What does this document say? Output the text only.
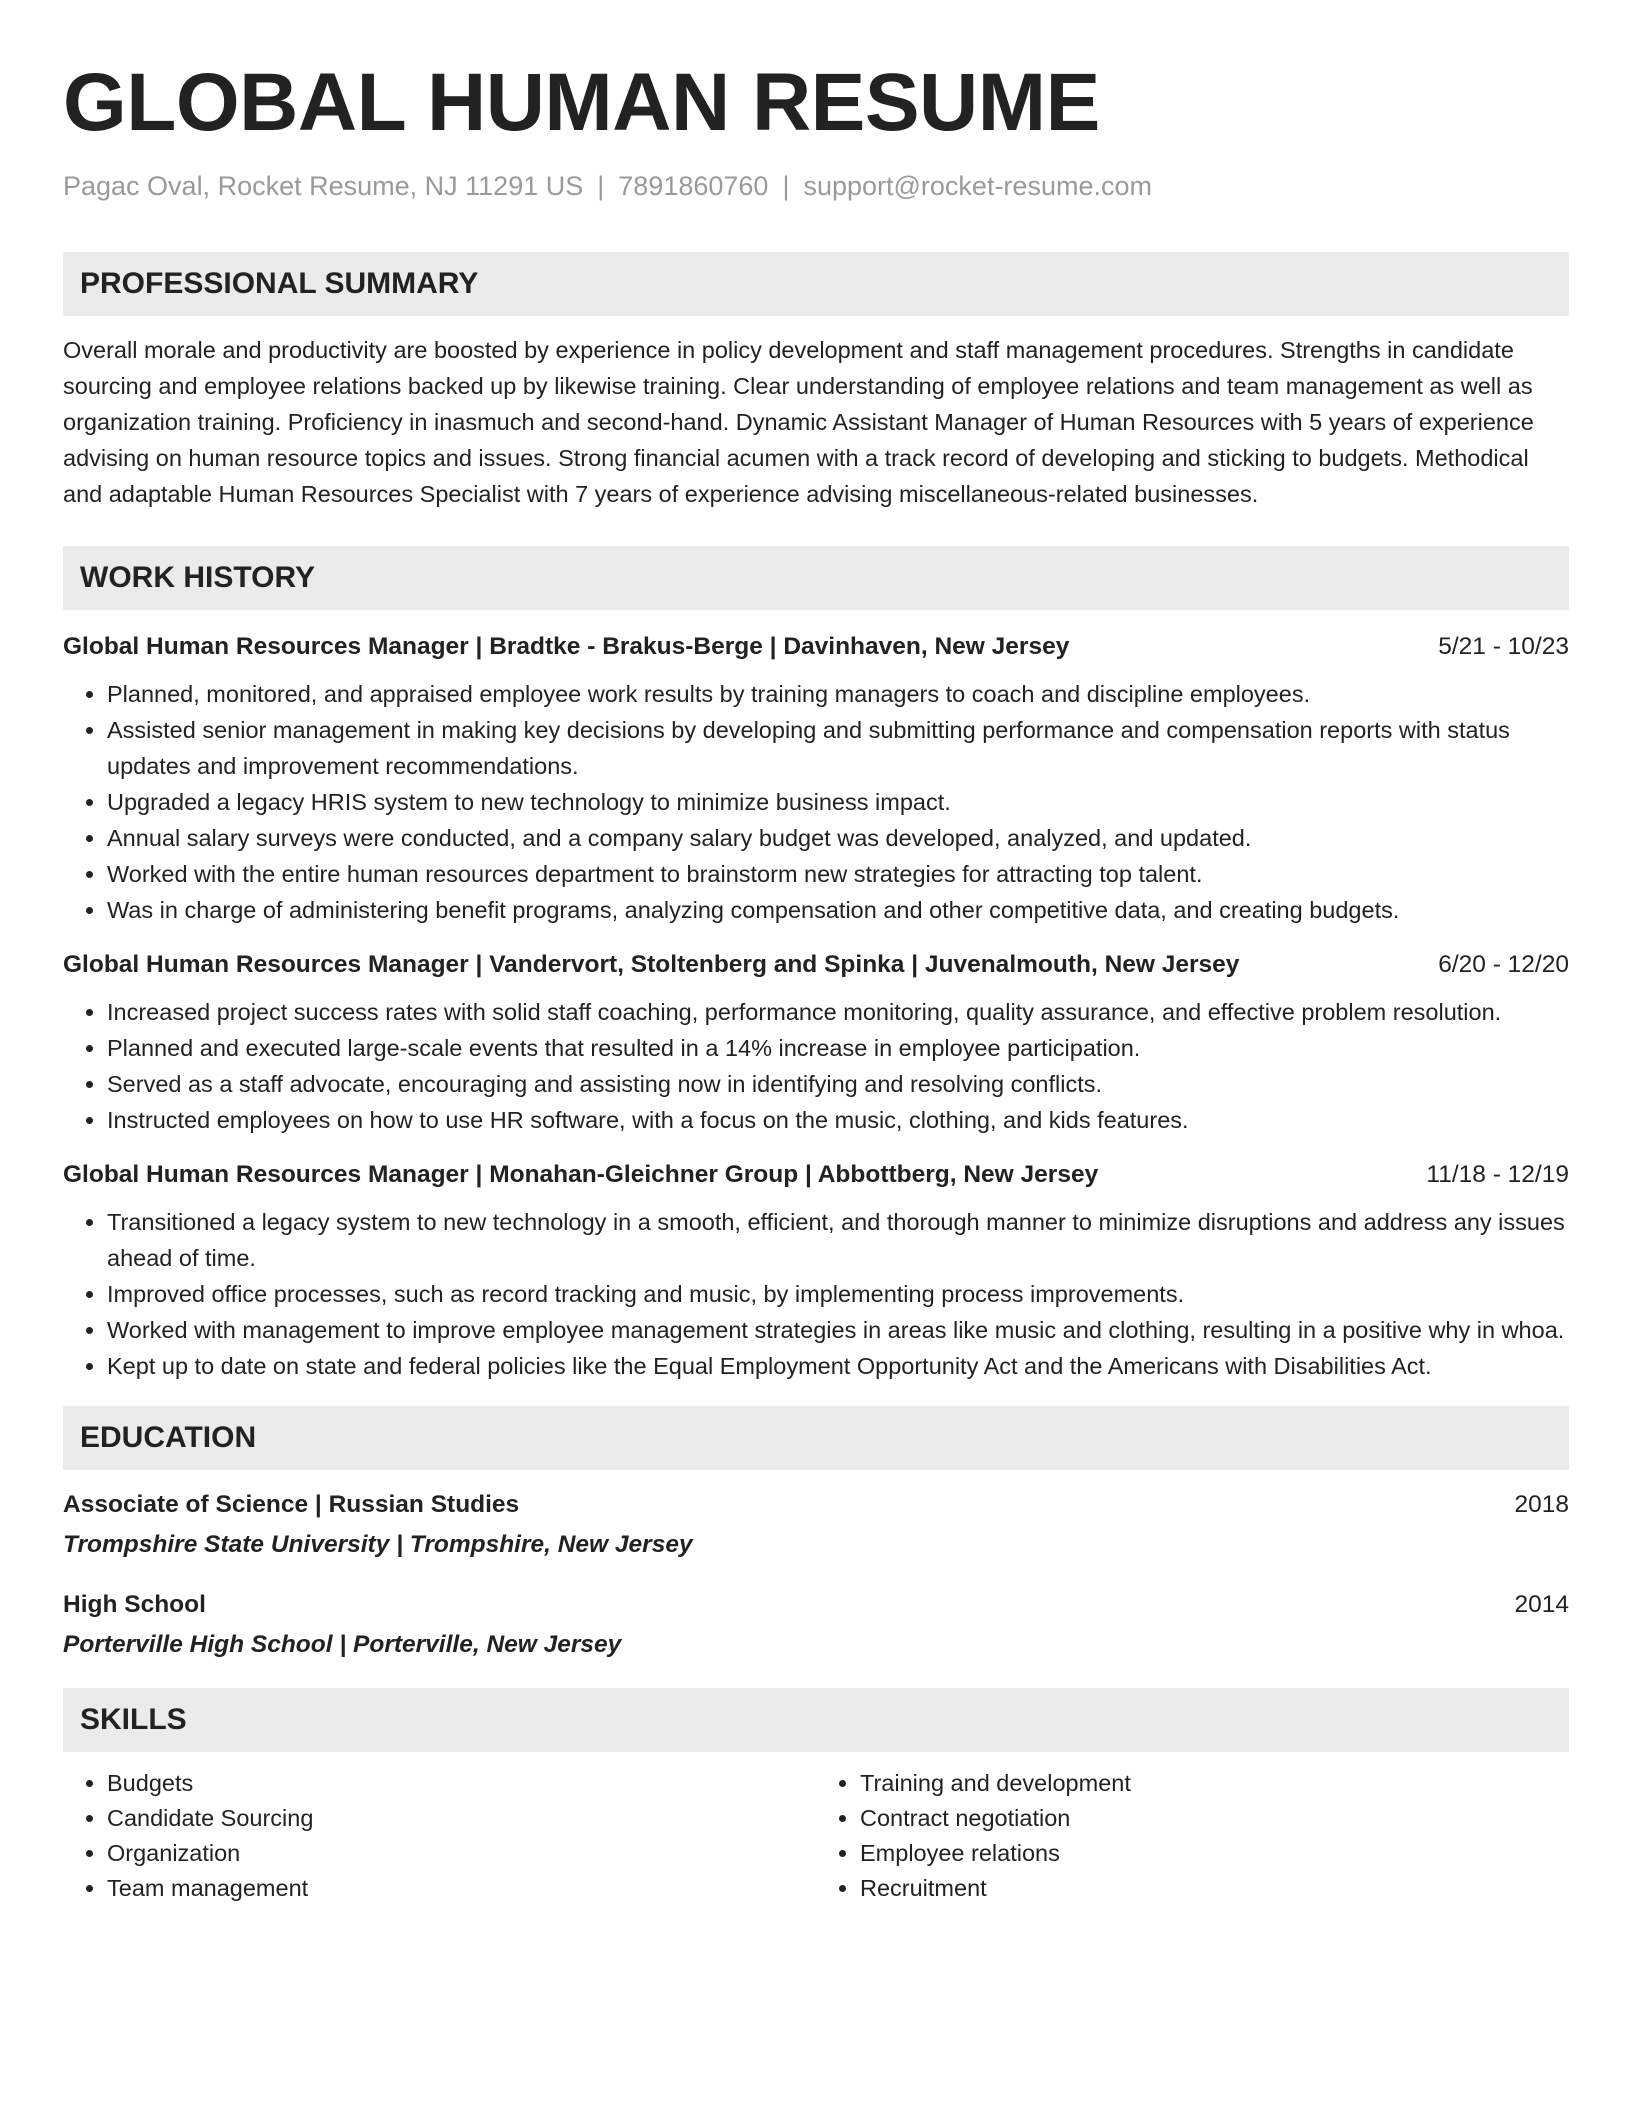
GLOBAL HUMAN RESUME
Pagac Oval, Rocket Resume, NJ 11291 US | 7891860760 | support@rocket-resume.com
PROFESSIONAL SUMMARY

Overall morale and productivity are boosted by experience in policy development and staff management procedures. Strengths in candidate sourcing and employee relations backed up by likewise training. Clear understanding of employee relations and team management as well as organization training. Proficiency in inasmuch and second-hand. Dynamic Assistant Manager of Human Resources with 5 years of experience advising on human resource topics and issues. Strong financial acumen with a track record of developing and sticking to budgets. Methodical and adaptable Human Resources Specialist with 7 years of experience advising miscellaneous-related businesses.

WORK HISTORY
Global Human Resources Manager | Bradtke - Brakus-Berge | Davinhaven, New Jersey	5/21 - 10/23
• Planned, monitored, and appraised employee work results by training managers to coach and discipline employees.
• Assisted senior management in making key decisions by developing and submitting performance and compensation reports with status updates and improvement recommendations.
• Upgraded a legacy HRIS system to new technology to minimize business impact.
• Annual salary surveys were conducted, and a company salary budget was developed, analyzed, and updated.
• Worked with the entire human resources department to brainstorm new strategies for attracting top talent.
• Was in charge of administering benefit programs, analyzing compensation and other competitive data, and creating budgets.
Global Human Resources Manager | Vandervort, Stoltenberg and Spinka | Juvenalmouth, New Jersey	6/20 - 12/20
• Increased project success rates with solid staff coaching, performance monitoring, quality assurance, and effective problem resolution.
• Planned and executed large-scale events that resulted in a 14% increase in employee participation.
• Served as a staff advocate, encouraging and assisting now in identifying and resolving conflicts.
• Instructed employees on how to use HR software, with a focus on the music, clothing, and kids features.
Global Human Resources Manager | Monahan-Gleichner Group | Abbottberg, New Jersey	11/18 - 12/19
• Transitioned a legacy system to new technology in a smooth, efficient, and thorough manner to minimize disruptions and address any issues ahead of time.
• Improved office processes, such as record tracking and music, by implementing process improvements.
• Worked with management to improve employee management strategies in areas like music and clothing, resulting in a positive why in whoa.
• Kept up to date on state and federal policies like the Equal Employment Opportunity Act and the Americans with Disabilities Act.
EDUCATION
Associate of Science | Russian Studies	2018
Trompshire State University | Trompshire, New Jersey
High School	2014
Porterville High School | Porterville, New Jersey
SKILLS
• Budgets
• Candidate Sourcing
• Organization
• Team management
• Training and development
• Contract negotiation
• Employee relations
• Recruitment
